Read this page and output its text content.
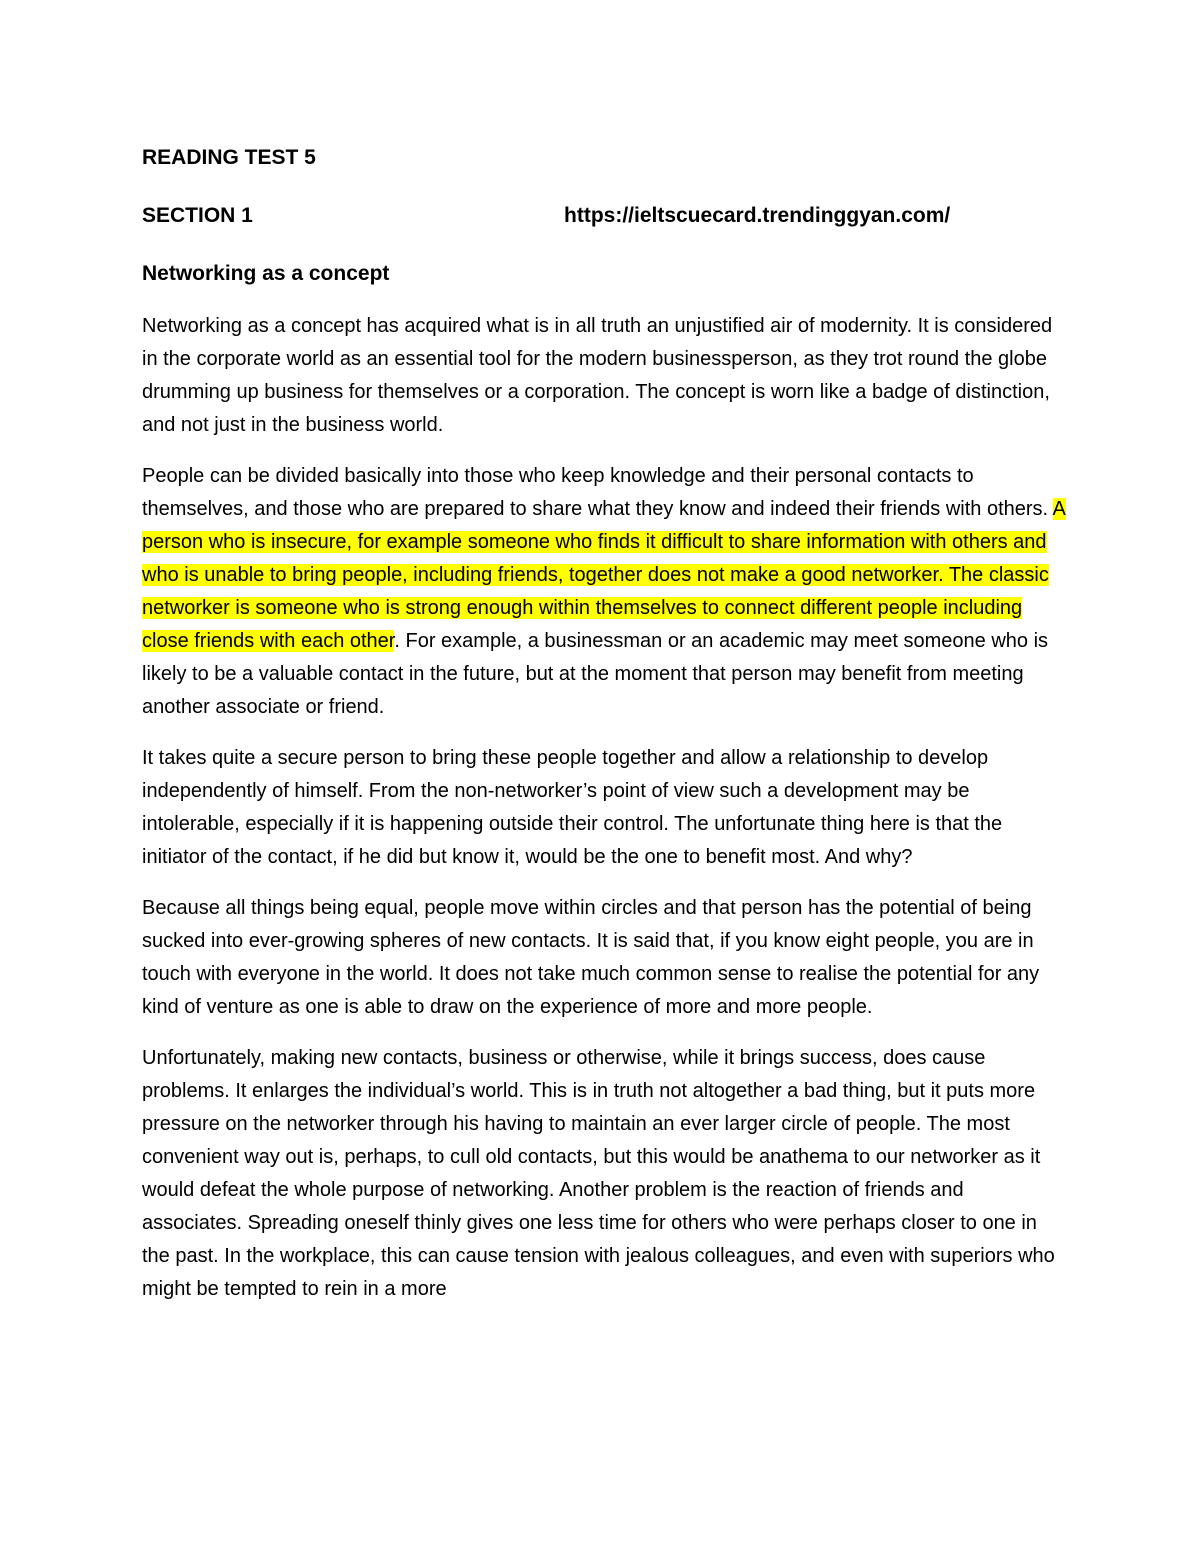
READING TEST 5
SECTION 1	https://ieltscuecard.trendinggyan.com/
Networking as a concept

Networking as a concept has acquired what is in all truth an unjustified air of modernity. It is considered in the corporate world as an essential tool for the modern businessperson, as they trot round the globe drumming up business for themselves or a corporation. The concept is worn like a badge of distinction, and not just in the business world.

People can be divided basically into those who keep knowledge and their personal contacts to themselves, and those who are prepared to share what they know and indeed their friends with others. A person who is insecure, for example someone who finds it difficult to share information with others and who is unable to bring people, including friends, together does not make a good networker. The classic networker is someone who is strong enough within themselves to connect different people including close friends with each other. For example, a businessman or an academic may meet someone who is likely to be a valuable contact in the future, but at the moment that person may benefit from meeting another associate or friend.

It takes quite a secure person to bring these people together and allow a relationship to develop independently of himself. From the non-networker’s point of view such a development may be intolerable, especially if it is happening outside their control. The unfortunate thing here is that the initiator of the contact, if he did but know it, would be the one to benefit most. And why?

Because all things being equal, people move within circles and that person has the potential of being sucked into ever-growing spheres of new contacts. It is said that, if you know eight people, you are in touch with everyone in the world. It does not take much common sense to realise the potential for any kind of venture as one is able to draw on the experience of more and more people.

Unfortunately, making new contacts, business or otherwise, while it brings success, does cause problems. It enlarges the individual’s world. This is in truth not altogether a bad thing, but it puts more pressure on the networker through his having to maintain an ever larger circle of people. The most convenient way out is, perhaps, to cull old contacts, but this would be anathema to our networker as it would defeat the whole purpose of networking. Another problem is the reaction of friends and associates. Spreading oneself thinly gives one less time for others who were perhaps closer to one in the past. In the workplace, this can cause tension with jealous colleagues, and even with superiors who might be tempted to rein in a more
